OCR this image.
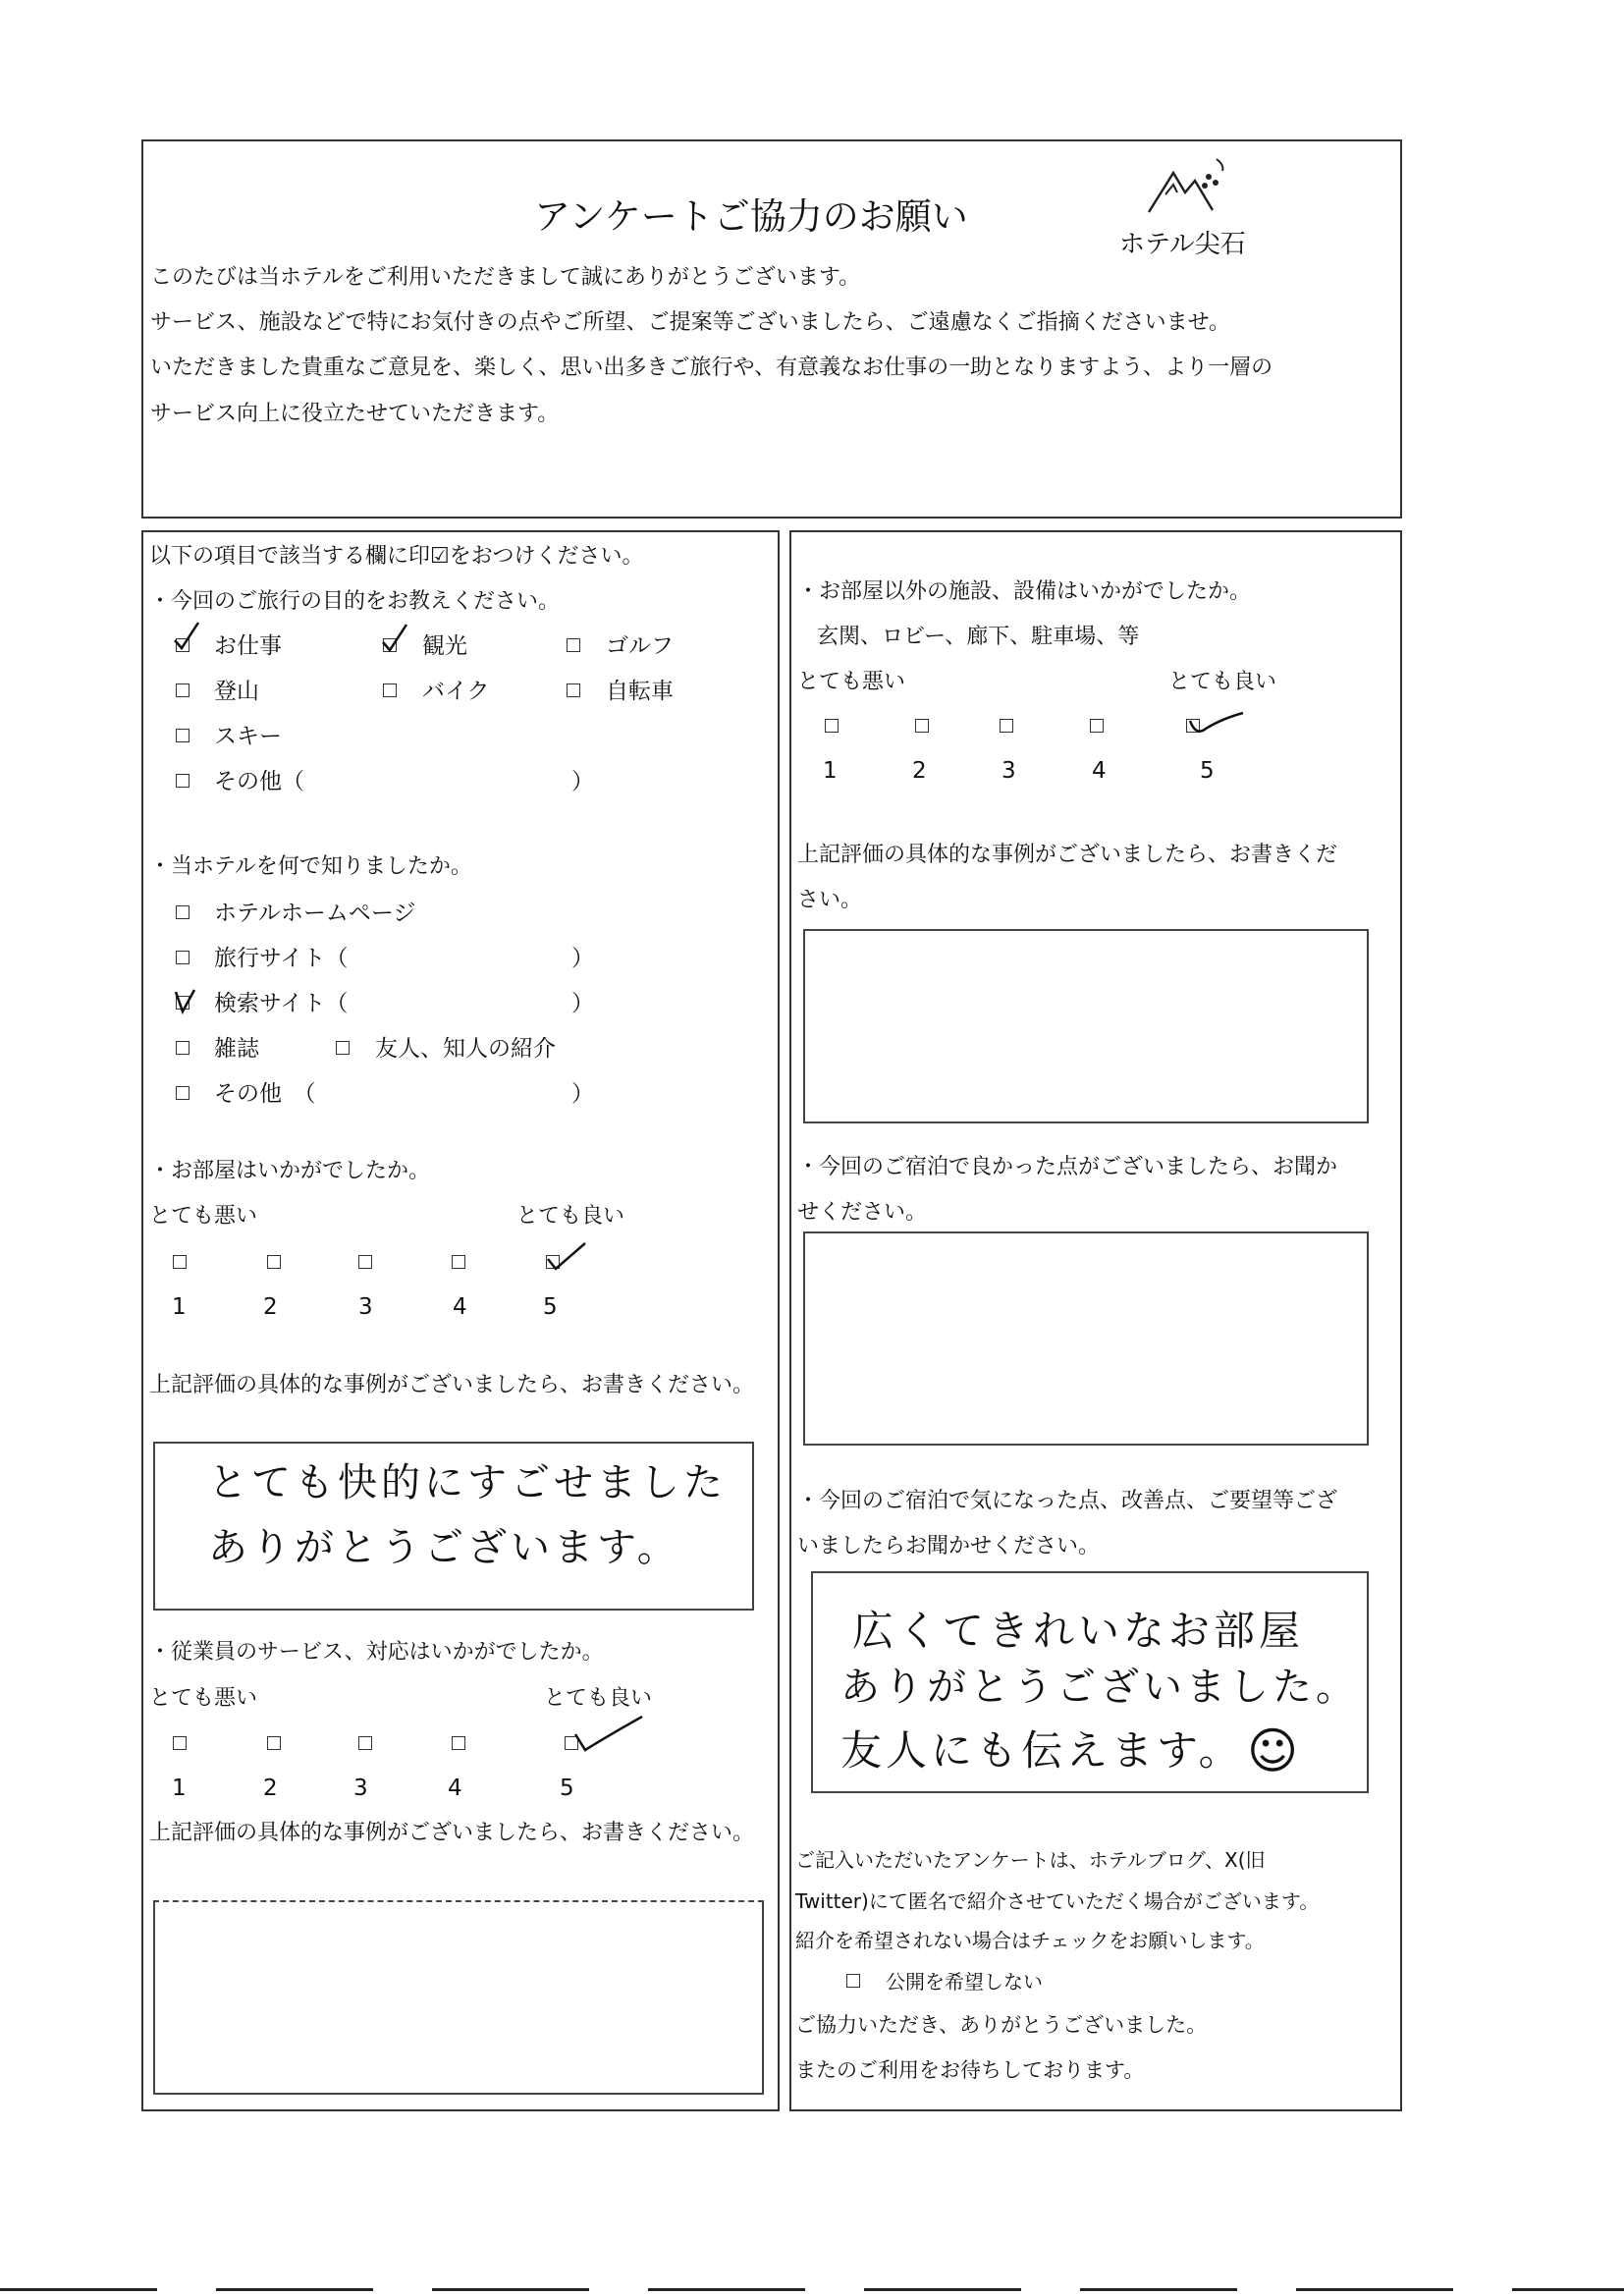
アンケートご協力のお願い
ホテル尖石
このたびは当ホテルをご利用いただきまして誠にありがとうございます。
サービス、施設などで特にお気付きの点やご所望、ご提案等ございましたら、ご遠慮なくご指摘くださいませ。
いただきました貴重なご意見を、楽しく、思い出多きご旅行や、有意義なお仕事の一助となりますよう、より一層の
サービス向上に役立たせていただきます。
以下の項目で該当する欄に印☑をおつけください。
・今回のご旅行の目的をお教えください。
お仕事	観光	ゴルフ
登山	バイク	自転車
スキー
その他（	）
・当ホテルを何で知りましたか。
ホテルホームページ
旅行サイト（	）
検索サイト（	）
雑誌	友人、知人の紹介
その他　（	）
・お部屋はいかがでしたか。
とても悪い	とても良い
1	2	3	4	5
上記評価の具体的な事例がございましたら、お書きください。
とても快的にすごせました
ありがとうございます。
・従業員のサービス、対応はいかがでしたか。
とても悪い	とても良い
1	2	3	4	5
上記評価の具体的な事例がございましたら、お書きください。
・お部屋以外の施設、設備はいかがでしたか。
玄関、ロビー、廊下、駐車場、等
とても悪い	とても良い
1	2	3	4	5
上記評価の具体的な事例がございましたら、お書きくだ
さい。
・今回のご宿泊で良かった点がございましたら、お聞か
せください。
・今回のご宿泊で気になった点、改善点、ご要望等ござ
いましたらお聞かせください。
広くてきれいなお部屋
ありがとうございました。
友人にも伝えます。 ☺
ご記入いただいたアンケートは、ホテルブログ、X(旧
Twitter)にて匿名で紹介させていただく場合がございます。
紹介を希望されない場合はチェックをお願いします。
公開を希望しない
ご協力いただき、ありがとうございました。
またのご利用をお待ちしております。
